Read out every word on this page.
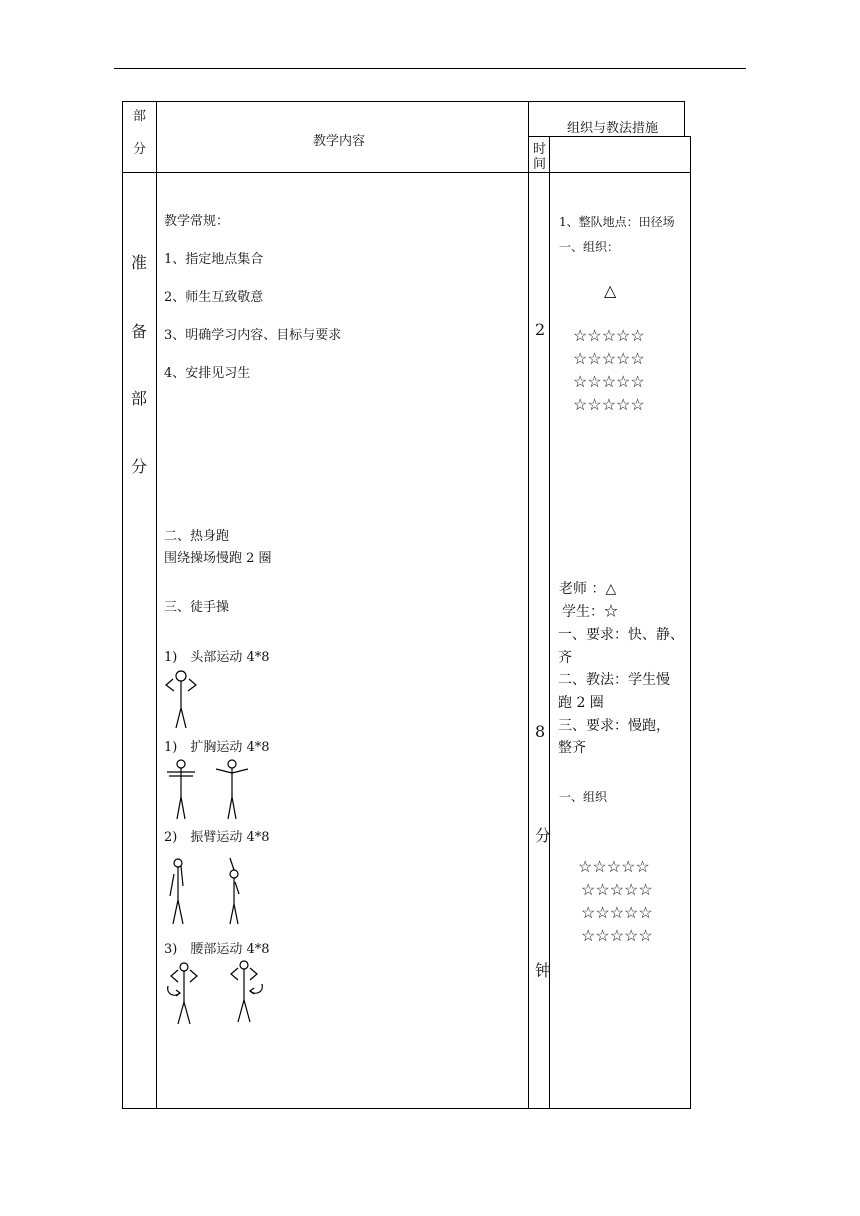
部
分
教学内容
组织与教法措施
时
间
准
备
部
分
教学常规：
1、指定地点集合
2、师生互致敬意
3、明确学习内容、目标与要求
4、安排见习生
二、热身跑
围绕操场慢跑 2 圈
三、徒手操
1)　头部运动 4*8
1)　扩胸运动 4*8
2)　振臂运动 4*8
3)　腰部运动 4*8
2
8
分
钟
1、整队地点：田径场
一、组织：
△
☆☆☆☆☆
☆☆☆☆☆
☆☆☆☆☆
☆☆☆☆☆
老师 ：△
学生：☆
一、要求：快、静、
齐
二、教法：学生慢
跑 2 圈
三、要求：慢跑，
整齐
一、组织
☆☆☆☆☆
☆☆☆☆☆
☆☆☆☆☆
☆☆☆☆☆
